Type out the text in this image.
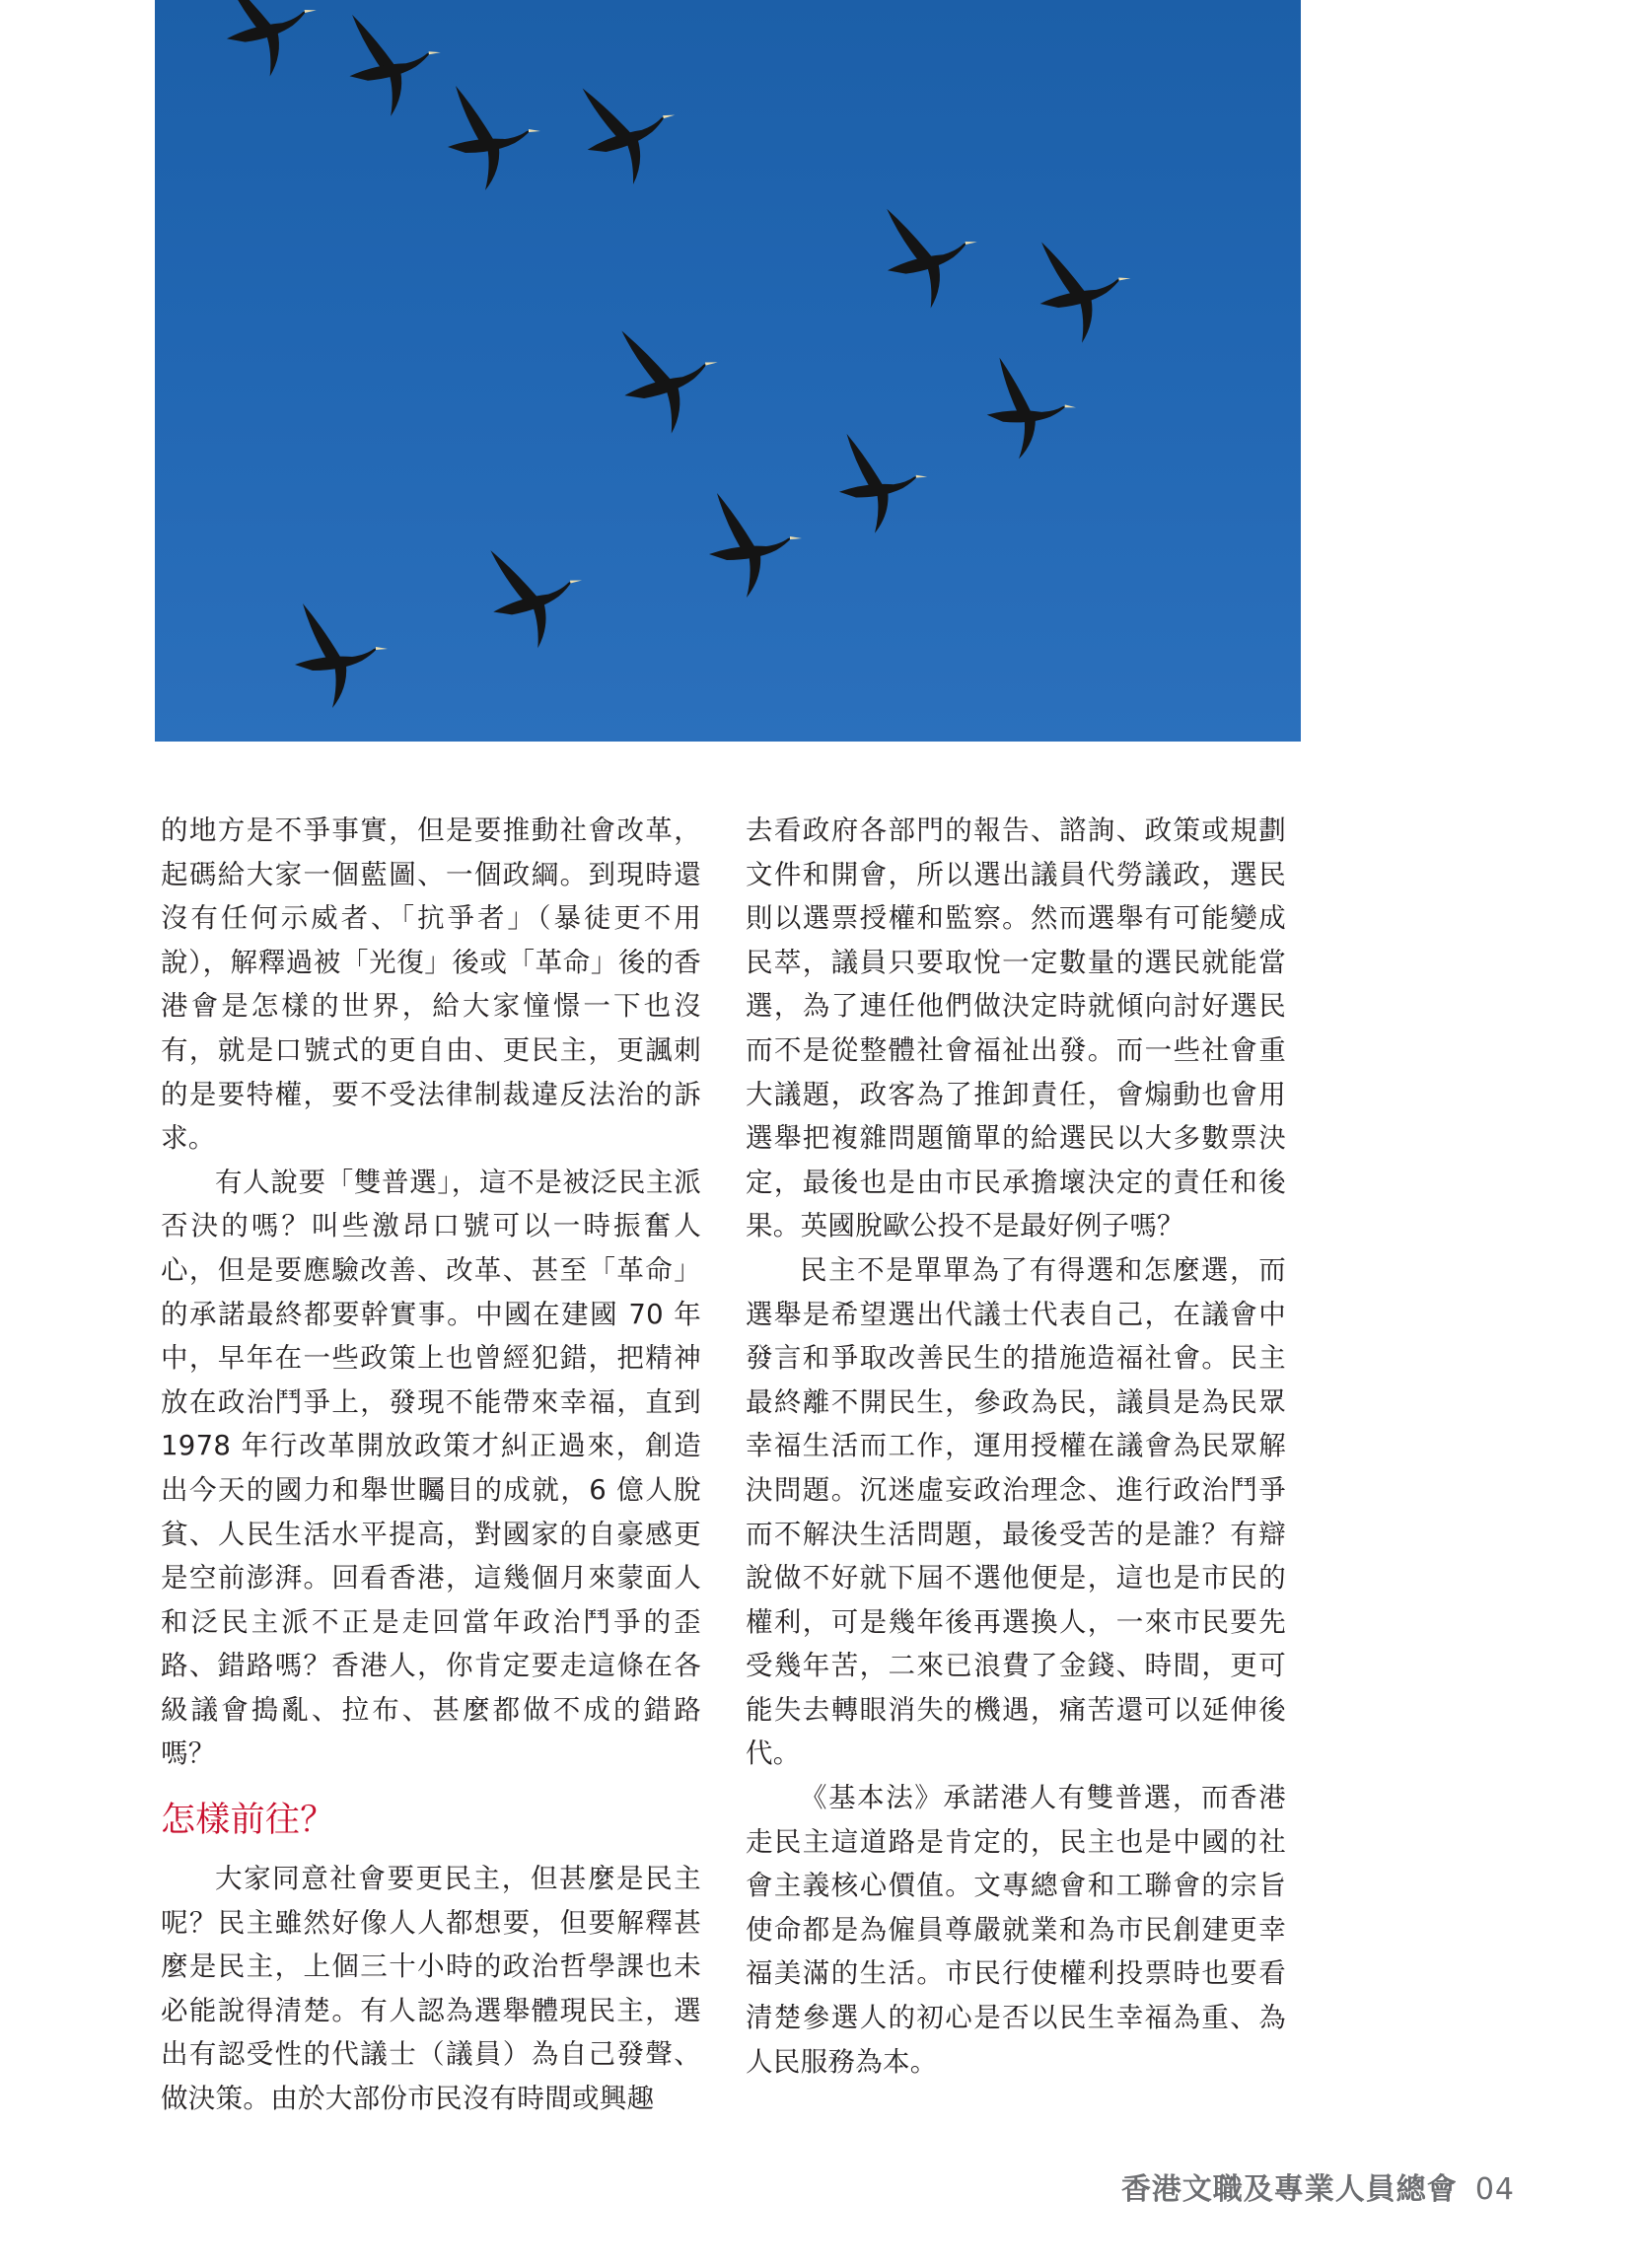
的地方是不爭事實，但是要推動社會改革，起碼給大家一個藍圖、一個政綱。到現時還沒有任何示威者、「抗爭者」（暴徒更不用說），解釋過被「光復」後或「革命」後的香港會是怎樣的世界，給大家憧憬一下也沒有，就是口號式的更自由、更民主，更諷刺的是要特權，要不受法律制裁違反法治的訴求。

有人說要「雙普選」，這不是被泛民主派否決的嗎？叫些激昂口號可以一時振奮人心，但是要應驗改善、改革、甚至「革命」的承諾最終都要幹實事。中國在建國 70 年中，早年在一些政策上也曾經犯錯，把精神放在政治鬥爭上，發現不能帶來幸福，直到 1978 年行改革開放政策才糾正過來，創造出今天的國力和舉世矚目的成就，6 億人脫貧、人民生活水平提高，對國家的自豪感更是空前澎湃。回看香港，這幾個月來蒙面人和泛民主派不正是走回當年政治鬥爭的歪路、錯路嗎？香港人，你肯定要走這條在各級議會搗亂、拉布、甚麼都做不成的錯路嗎？

怎樣前往？

大家同意社會要更民主，但甚麼是民主呢？民主雖然好像人人都想要，但要解釋甚麼是民主，上個三十小時的政治哲學課也未必能說得清楚。有人認為選舉體現民主，選出有認受性的代議士（議員）為自己發聲、做決策。由於大部份市民沒有時間或興趣

去看政府各部門的報告、諮詢、政策或規劃文件和開會，所以選出議員代勞議政，選民則以選票授權和監察。然而選舉有可能變成民萃，議員只要取悅一定數量的選民就能當選，為了連任他們做決定時就傾向討好選民而不是從整體社會福祉出發。而一些社會重大議題，政客為了推卸責任，會煽動也會用選舉把複雜問題簡單的給選民以大多數票決定，最後也是由市民承擔壞決定的責任和後果。英國脫歐公投不是最好例子嗎？

民主不是單單為了有得選和怎麼選，而選舉是希望選出代議士代表自己，在議會中發言和爭取改善民生的措施造福社會。民主最終離不開民生，參政為民，議員是為民眾幸福生活而工作，運用授權在議會為民眾解決問題。沉迷虛妄政治理念、進行政治鬥爭而不解決生活問題，最後受苦的是誰？有辯說做不好就下屆不選他便是，這也是市民的權利，可是幾年後再選換人，一來市民要先受幾年苦，二來已浪費了金錢、時間，更可能失去轉眼消失的機遇，痛苦還可以延伸後代。

《基本法》承諾港人有雙普選，而香港走民主這道路是肯定的，民主也是中國的社會主義核心價值。文專總會和工聯會的宗旨使命都是為僱員尊嚴就業和為市民創建更幸福美滿的生活。市民行使權利投票時也要看清楚參選人的初心是否以民生幸福為重、為人民服務為本。

香港文職及專業人員總會 04
